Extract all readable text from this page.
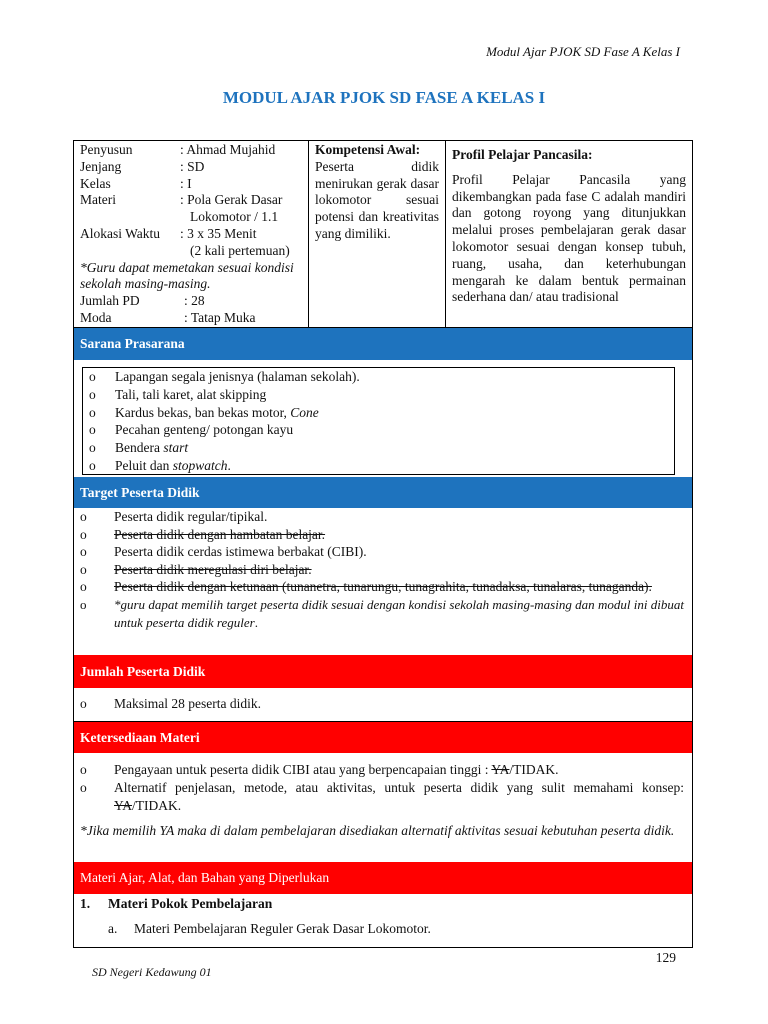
Modul Ajar PJOK SD Fase A Kelas I
MODUL AJAR PJOK SD FASE A KELAS I
Penyusun	: Ahmad Mujahid
Jenjang	: SD
Kelas	: I
Materi	: Pola Gerak Dasar
Lokomotor / 1.1
Alokasi Waktu	: 3 x 35 Menit
(2 kali pertemuan)
*Guru dapat memetakan sesuai kondisi sekolah masing-masing.
Jumlah PD	: 28
Moda	: Tatap Muka
Kompetensi Awal:
Peserta didik menirukan gerak dasar lokomotor sesuai potensi dan kreativitas yang dimiliki.
Profil Pelajar Pancasila:
Profil Pelajar Pancasila yang dikembangkan pada fase C adalah mandiri dan gotong royong yang ditunjukkan melalui proses pembelajaran gerak dasar lokomotor sesuai dengan konsep tubuh, ruang, usaha, dan keterhubungan mengarah ke dalam bentuk permainan sederhana dan/ atau tradisional
Sarana Prasarana
o	Lapangan segala jenisnya (halaman sekolah).
o	Tali, tali karet, alat skipping
o	Kardus bekas, ban bekas motor, Cone
o	Pecahan genteng/ potongan kayu
o	Bendera start
o	Peluit dan stopwatch.
Target Peserta Didik
o	Peserta didik regular/tipikal.
o	Peserta didik dengan hambatan belajar.
o	Peserta didik cerdas istimewa berbakat (CIBI).
o	Peserta didik meregulasi diri belajar.
o	Peserta didik dengan ketunaan (tunanetra, tunarungu, tunagrahita, tunadaksa, tunalaras, tunaganda).
o	*guru dapat memilih target peserta didik sesuai dengan kondisi sekolah masing-masing dan modul ini dibuat untuk peserta didik reguler.
Jumlah Peserta Didik
o	Maksimal 28 peserta didik.
Ketersediaan Materi
o	Pengayaan untuk peserta didik CIBI atau yang berpencapaian tinggi : YA/TIDAK.
o	Alternatif penjelasan, metode, atau aktivitas, untuk peserta didik yang sulit memahami konsep: YA/TIDAK.
*Jika memilih YA maka di dalam pembelajaran disediakan alternatif aktivitas sesuai kebutuhan peserta didik.
Materi Ajar, Alat, dan Bahan yang Diperlukan
1.	Materi Pokok Pembelajaran
a.	Materi Pembelajaran Reguler Gerak Dasar Lokomotor.
129
SD Negeri Kedawung 01
